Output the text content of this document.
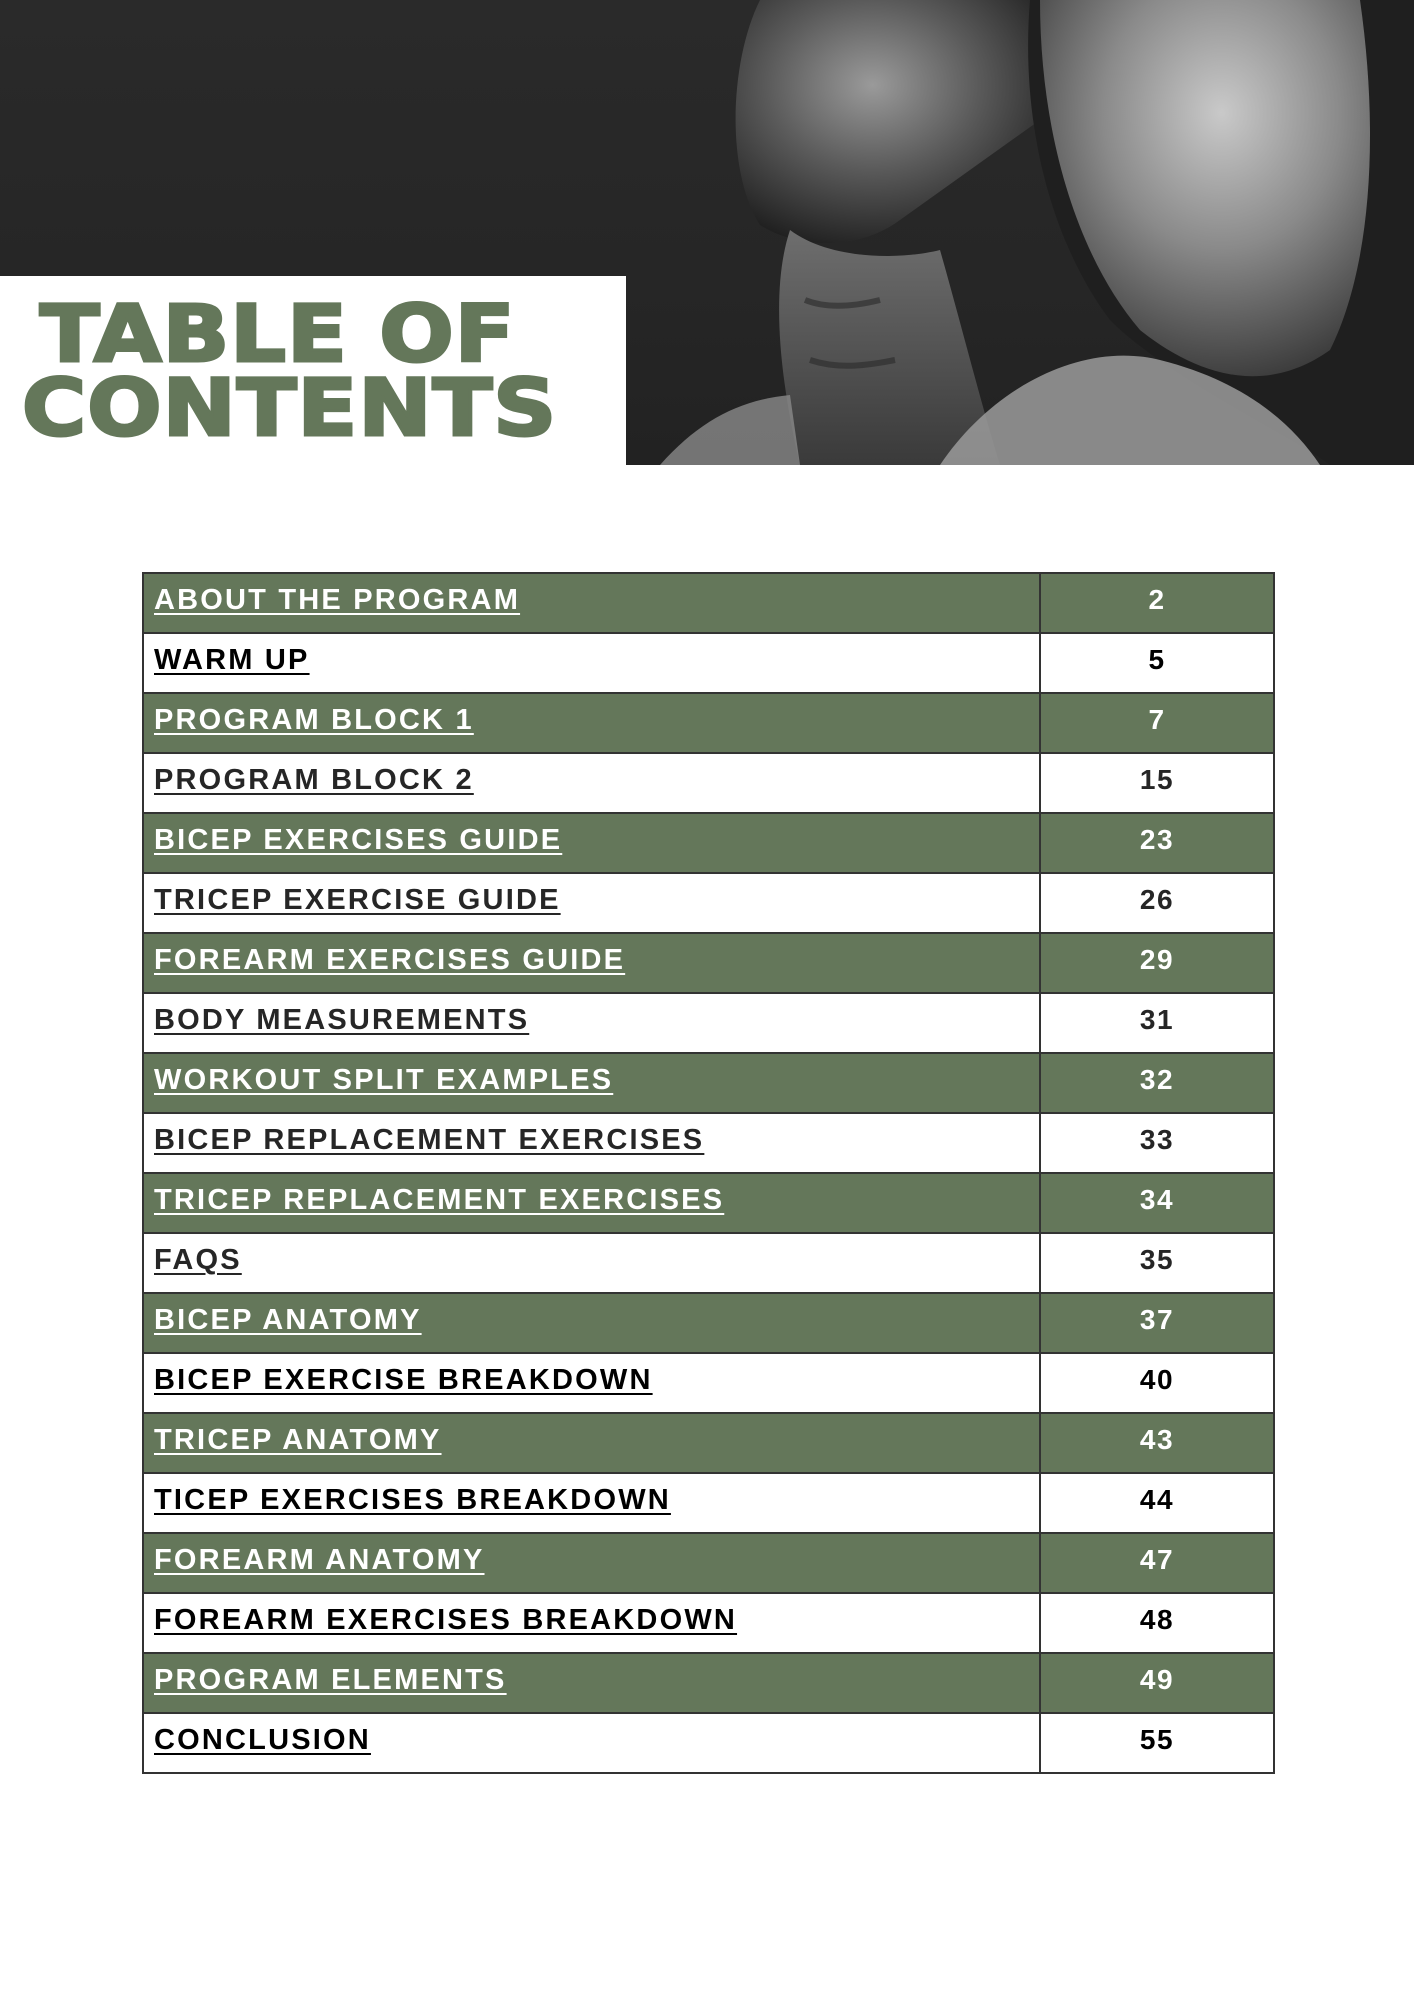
TABLE OF
CONTENTS
ABOUT THE PROGRAM	2
WARM UP	5
PROGRAM BLOCK 1	7
PROGRAM BLOCK 2	15
BICEP EXERCISES GUIDE	23
TRICEP EXERCISE GUIDE	26
FOREARM EXERCISES GUIDE	29
BODY MEASUREMENTS	31
WORKOUT SPLIT EXAMPLES	32
BICEP REPLACEMENT EXERCISES	33
TRICEP REPLACEMENT EXERCISES	34
FAQS	35
BICEP ANATOMY	37
BICEP EXERCISE BREAKDOWN	40
TRICEP ANATOMY	43
TICEP EXERCISES BREAKDOWN	44
FOREARM ANATOMY	47
FOREARM EXERCISES BREAKDOWN	48
PROGRAM ELEMENTS	49
CONCLUSION	55
